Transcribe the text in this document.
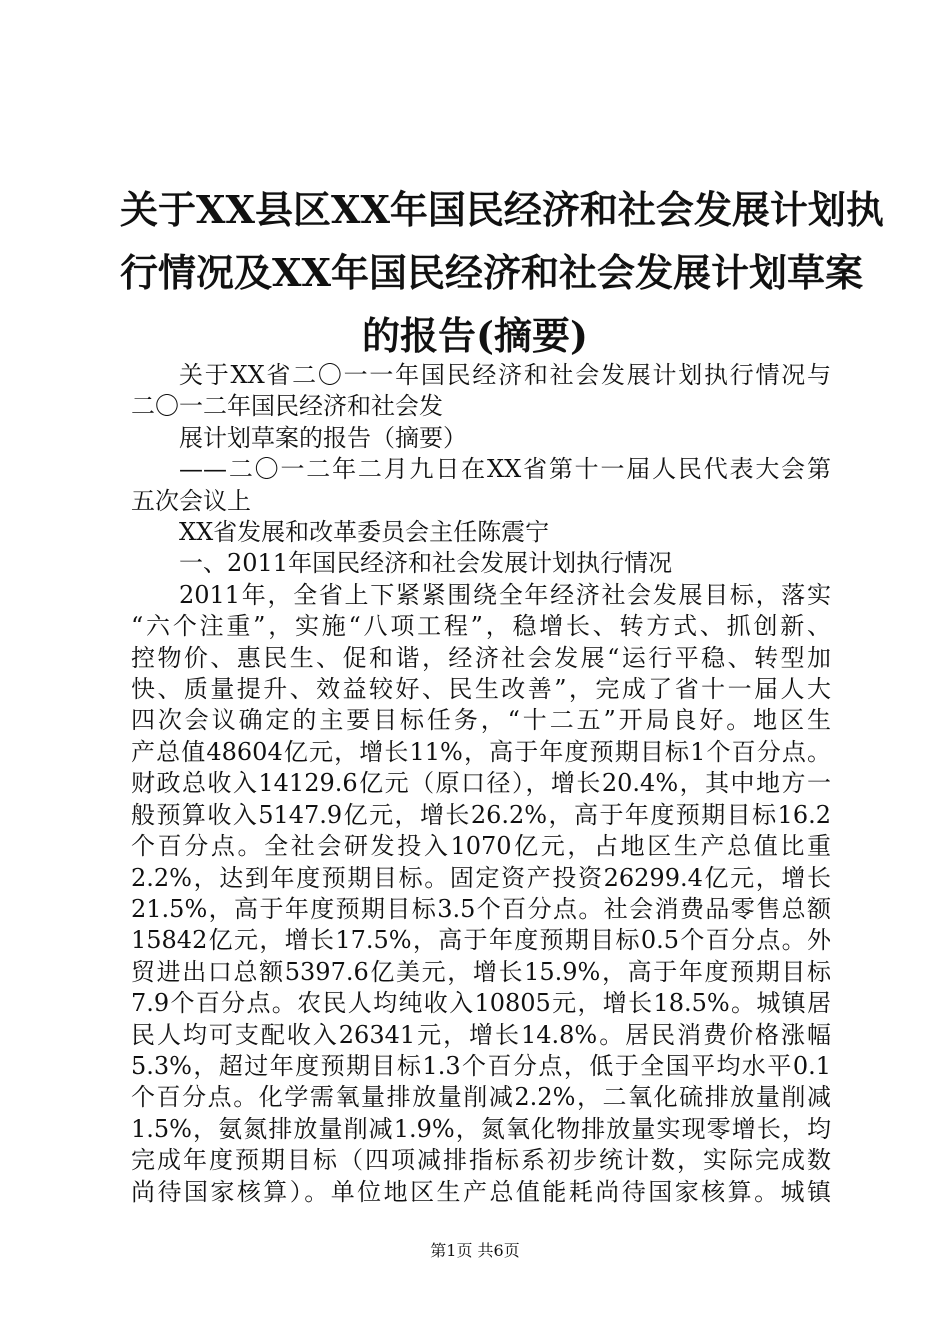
关于XX县区XX年国民经济和社会发展计划执
行情况及XX年国民经济和社会发展计划草案
的报告(摘要)

关于XX省二〇一一年国民经济和社会发展计划执行情况与

二〇一二年国民经济和社会发

展计划草案的报告（摘要）

——二〇一二年二月九日在XX省第十一届人民代表大会第

五次会议上

XX省发展和改革委员会主任陈震宁

一、2011年国民经济和社会发展计划执行情况

2011年，全省上下紧紧围绕全年经济社会发展目标，落实

“六个注重”，实施“八项工程”，稳增长、转方式、抓创新、

控物价、惠民生、促和谐，经济社会发展“运行平稳、转型加

快、质量提升、效益较好、民生改善”，完成了省十一届人大

四次会议确定的主要目标任务，“十二五”开局良好。地区生

产总值48604亿元，增长11%，高于年度预期目标1个百分点。

财政总收入14129.6亿元（原口径），增长20.4%，其中地方一

般预算收入5147.9亿元，增长26.2%，高于年度预期目标16.2

个百分点。全社会研发投入1070亿元，占地区生产总值比重

2.2%，达到年度预期目标。固定资产投资26299.4亿元，增长

21.5%，高于年度预期目标3.5个百分点。社会消费品零售总额

15842亿元，增长17.5%，高于年度预期目标0.5个百分点。外

贸进出口总额5397.6亿美元，增长15.9%，高于年度预期目标

7.9个百分点。农民人均纯收入10805元，增长18.5%。城镇居

民人均可支配收入26341元，增长14.8%。居民消费价格涨幅

5.3%，超过年度预期目标1.3个百分点，低于全国平均水平0.1

个百分点。化学需氧量排放量削减2.2%，二氧化硫排放量削减

1.5%，氨氮排放量削减1.9%，氮氧化物排放量实现零增长，均

完成年度预期目标（四项减排指标系初步统计数，实际完成数

尚待国家核算）。单位地区生产总值能耗尚待国家核算。城镇

第1页 共6页
